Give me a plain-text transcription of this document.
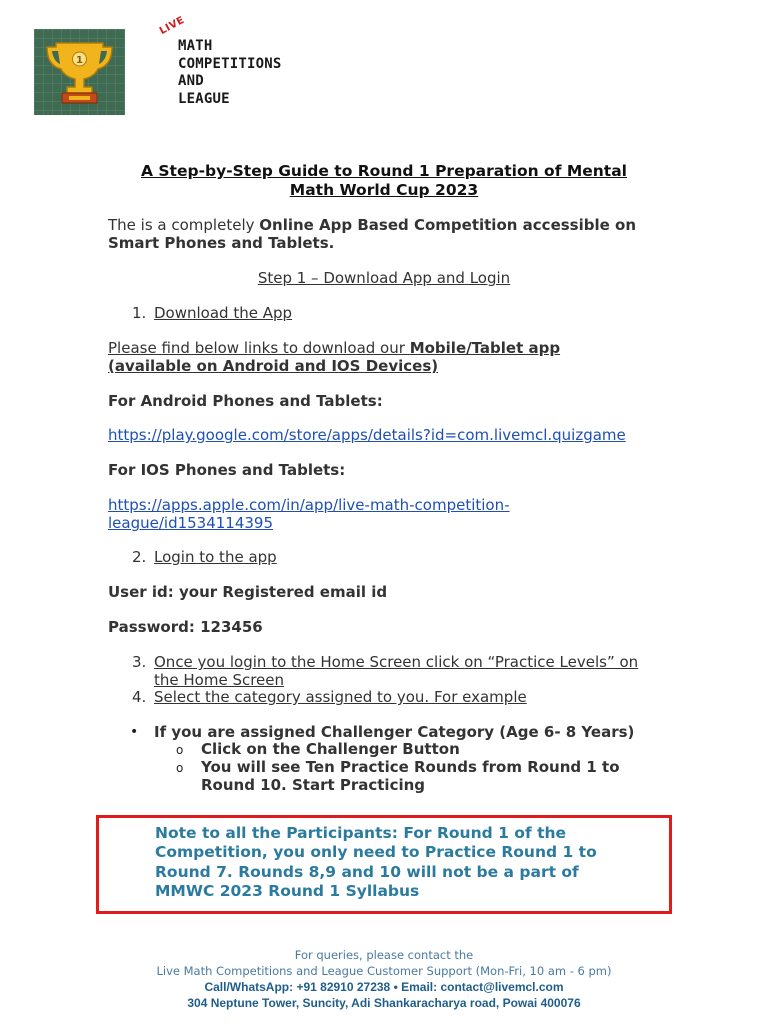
1
LIVE
MATH
COMPETITIONS
AND
LEAGUE
A Step-by-Step Guide to Round 1 Preparation of Mental
Math World Cup 2023
The is a completely Online App Based Competition accessible on
Smart Phones and Tablets.
Step 1 – Download App and Login
1. Download the App
Please find below links to download our Mobile/Tablet app
(available on Android and IOS Devices)
For Android Phones and Tablets:
https://play.google.com/store/apps/details?id=com.livemcl.quizgame
For IOS Phones and Tablets:
https://apps.apple.com/in/app/live-math-competition-
league/id1534114395
2. Login to the app
User id: your Registered email id
Password: 123456
3. Once you login to the Home Screen click on “Practice Levels” on
the Home Screen
4. Select the category assigned to you. For example
• If you are assigned Challenger Category (Age 6- 8 Years)
o Click on the Challenger Button
o You will see Ten Practice Rounds from Round 1 to
Round 10. Start Practicing
Note to all the Participants: For Round 1 of the
Competition, you only need to Practice Round 1 to
Round 7. Rounds 8,9 and 10 will not be a part of
MMWC 2023 Round 1 Syllabus
For queries, please contact the
Live Math Competitions and League Customer Support (Mon-Fri, 10 am - 6 pm)
Call/WhatsApp: +91 82910 27238 • Email: contact@livemcl.com
304 Neptune Tower, Suncity, Adi Shankaracharya road, Powai 400076
